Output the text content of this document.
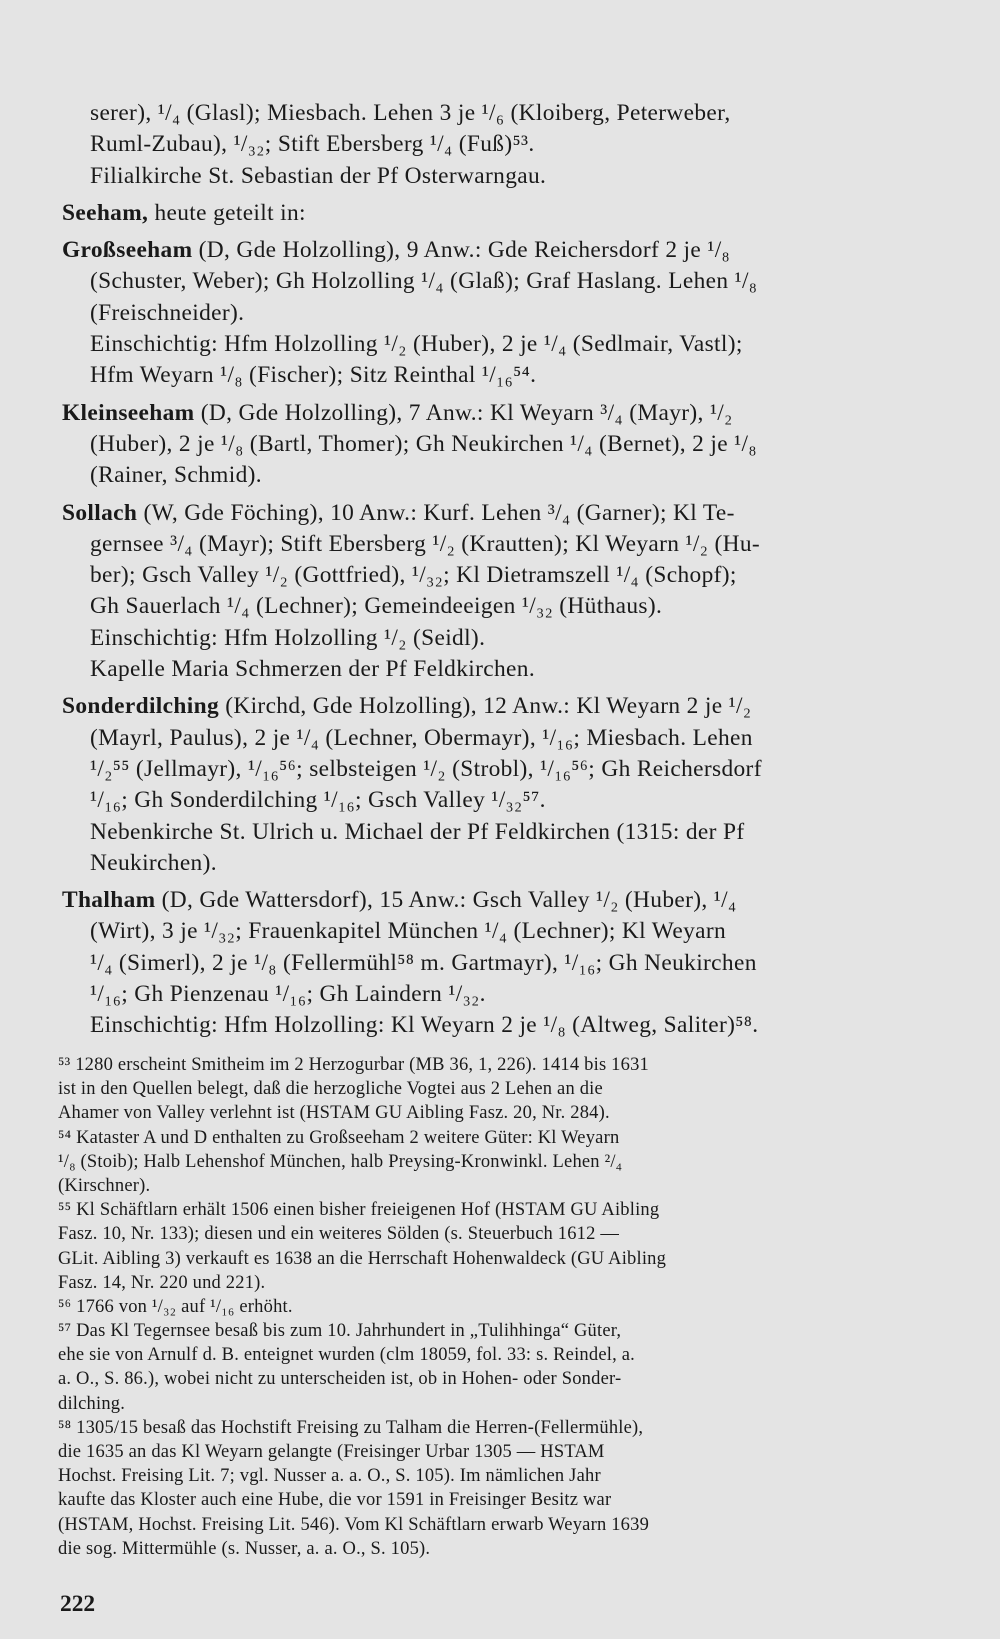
serer), ¹/₄ (Glasl); Miesbach. Lehen 3 je ¹/₆ (Kloiberg, Peterweber,
Ruml-Zubau), ¹/₃₂; Stift Ebersberg ¹/₄ (Fuß)⁵³.
Filialkirche St. Sebastian der Pf Osterwarngau.
Seeham, heute geteilt in:
Großseeham (D, Gde Holzolling), 9 Anw.: Gde Reichersdorf 2 je ¹/₈
(Schuster, Weber); Gh Holzolling ¹/₄ (Glaß); Graf Haslang. Lehen ¹/₈
(Freischneider).
Einschichtig: Hfm Holzolling ¹/₂ (Huber), 2 je ¹/₄ (Sedlmair, Vastl);
Hfm Weyarn ¹/₈ (Fischer); Sitz Reinthal ¹/₁₆⁵⁴.
Kleinseeham (D, Gde Holzolling), 7 Anw.: Kl Weyarn ³/₄ (Mayr), ¹/₂
(Huber), 2 je ¹/₈ (Bartl, Thomer); Gh Neukirchen ¹/₄ (Bernet), 2 je ¹/₈
(Rainer, Schmid).
Sollach (W, Gde Föching), 10 Anw.: Kurf. Lehen ³/₄ (Garner); Kl Te-
gernsee ³/₄ (Mayr); Stift Ebersberg ¹/₂ (Krautten); Kl Weyarn ¹/₂ (Hu-
ber); Gsch Valley ¹/₂ (Gottfried), ¹/₃₂; Kl Dietramszell ¹/₄ (Schopf);
Gh Sauerlach ¹/₄ (Lechner); Gemeindeeigen ¹/₃₂ (Hüthaus).
Einschichtig: Hfm Holzolling ¹/₂ (Seidl).
Kapelle Maria Schmerzen der Pf Feldkirchen.
Sonderdilching (Kirchd, Gde Holzolling), 12 Anw.: Kl Weyarn 2 je ¹/₂
(Mayrl, Paulus), 2 je ¹/₄ (Lechner, Obermayr), ¹/₁₆; Miesbach. Lehen
¹/₂⁵⁵ (Jellmayr), ¹/₁₆⁵⁶; selbsteigen ¹/₂ (Strobl), ¹/₁₆⁵⁶; Gh Reichersdorf
¹/₁₆; Gh Sonderdilching ¹/₁₆; Gsch Valley ¹/₃₂⁵⁷.
Nebenkirche St. Ulrich u. Michael der Pf Feldkirchen (1315: der Pf
Neukirchen).
Thalham (D, Gde Wattersdorf), 15 Anw.: Gsch Valley ¹/₂ (Huber), ¹/₄
(Wirt), 3 je ¹/₃₂; Frauenkapitel München ¹/₄ (Lechner); Kl Weyarn
¹/₄ (Simerl), 2 je ¹/₈ (Fellermühl⁵⁸ m. Gartmayr), ¹/₁₆; Gh Neukirchen
¹/₁₆; Gh Pienzenau ¹/₁₆; Gh Laindern ¹/₃₂.
Einschichtig: Hfm Holzolling: Kl Weyarn 2 je ¹/₈ (Altweg, Saliter)⁵⁸.
⁵³ 1280 erscheint Smitheim im 2 Herzogurbar (MB 36, 1, 226). 1414 bis 1631
ist in den Quellen belegt, daß die herzogliche Vogtei aus 2 Lehen an die
Ahamer von Valley verlehnt ist (HSTAM GU Aibling Fasz. 20, Nr. 284).
⁵⁴ Kataster A und D enthalten zu Großseeham 2 weitere Güter: Kl Weyarn
¹/₈ (Stoib); Halb Lehenshof München, halb Preysing-Kronwinkl. Lehen ²/₄
(Kirschner).
⁵⁵ Kl Schäftlarn erhält 1506 einen bisher freieigenen Hof (HSTAM GU Aibling
Fasz. 10, Nr. 133); diesen und ein weiteres Sölden (s. Steuerbuch 1612 —
GLit. Aibling 3) verkauft es 1638 an die Herrschaft Hohenwaldeck (GU Aibling
Fasz. 14, Nr. 220 und 221).
⁵⁶ 1766 von ¹/₃₂ auf ¹/₁₆ erhöht.
⁵⁷ Das Kl Tegernsee besaß bis zum 10. Jahrhundert in „Tulihhinga“ Güter,
ehe sie von Arnulf d. B. enteignet wurden (clm 18059, fol. 33: s. Reindel, a.
a. O., S. 86.), wobei nicht zu unterscheiden ist, ob in Hohen- oder Sonder-
dilching.
⁵⁸ 1305/15 besaß das Hochstift Freising zu Talham die Herren-(Fellermühle),
die 1635 an das Kl Weyarn gelangte (Freisinger Urbar 1305 — HSTAM
Hochst. Freising Lit. 7; vgl. Nusser a. a. O., S. 105). Im nämlichen Jahr
kaufte das Kloster auch eine Hube, die vor 1591 in Freisinger Besitz war
(HSTAM, Hochst. Freising Lit. 546). Vom Kl Schäftlarn erwarb Weyarn 1639
die sog. Mittermühle (s. Nusser, a. a. O., S. 105).
222
